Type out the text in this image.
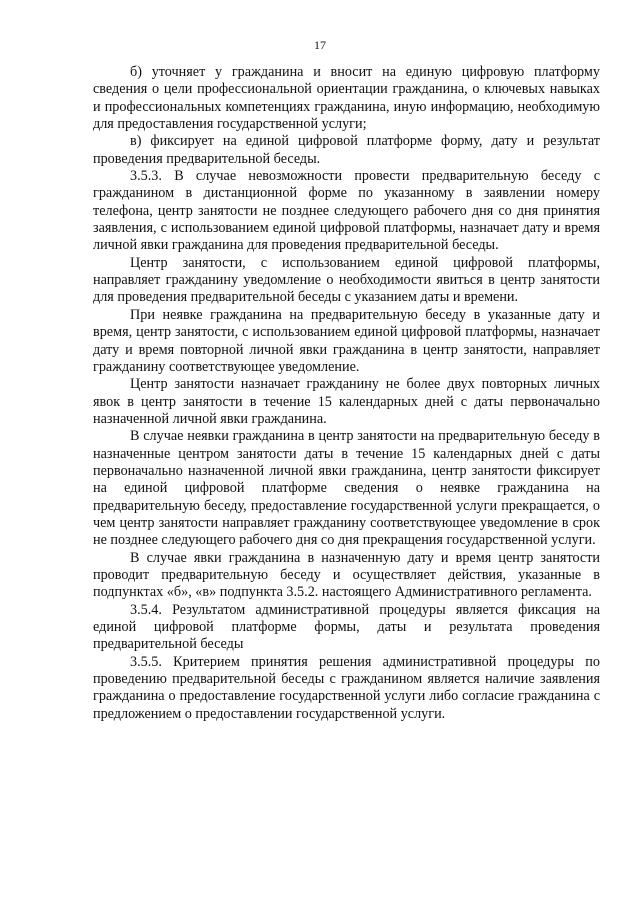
17

б) уточняет у гражданина и вносит на единую цифровую платформу сведения о цели профессиональной ориентации гражданина, о ключевых навыках и профессиональных компетенциях гражданина, иную информацию, необходимую для предоставления государственной услуги;

в) фиксирует на единой цифровой платформе форму, дату и результат проведения предварительной беседы.

3.5.3. В случае невозможности провести предварительную беседу с гражданином в дистанционной форме по указанному в заявлении номеру телефона, центр занятости не позднее следующего рабочего дня со дня принятия заявления, с использованием единой цифровой платформы, назначает дату и время личной явки гражданина для проведения предварительной беседы.

Центр занятости, с использованием единой цифровой платформы, направляет гражданину уведомление о необходимости явиться в центр занятости для проведения предварительной беседы с указанием даты и времени.

При неявке гражданина на предварительную беседу в указанные дату и время, центр занятости, с использованием единой цифровой платформы, назначает дату и время повторной личной явки гражданина в центр занятости, направляет гражданину соответствующее уведомление.

Центр занятости назначает гражданину не более двух повторных личных явок в центр занятости в течение 15 календарных дней с даты первоначально назначенной личной явки гражданина.

В случае неявки гражданина в центр занятости на предварительную беседу в назначенные центром занятости даты в течение 15 календарных дней с даты первоначально назначенной личной явки гражданина, центр занятости фиксирует на единой цифровой платформе сведения о неявке гражданина на предварительную беседу, предоставление государственной услуги прекращается, о чем центр занятости направляет гражданину соответствующее уведомление в срок не позднее следующего рабочего дня со дня прекращения государственной услуги.

В случае явки гражданина в назначенную дату и время центр занятости проводит предварительную беседу и осуществляет действия, указанные в подпунктах «б», «в» подпункта 3.5.2. настоящего Административного регламента.

3.5.4. Результатом административной процедуры является фиксация на единой цифровой платформе формы, даты и результата проведения предварительной беседы

3.5.5. Критерием принятия решения административной процедуры по проведению предварительной беседы с гражданином является наличие заявления гражданина о предоставление государственной услуги либо согласие гражданина с предложением о предоставлении государственной услуги.
